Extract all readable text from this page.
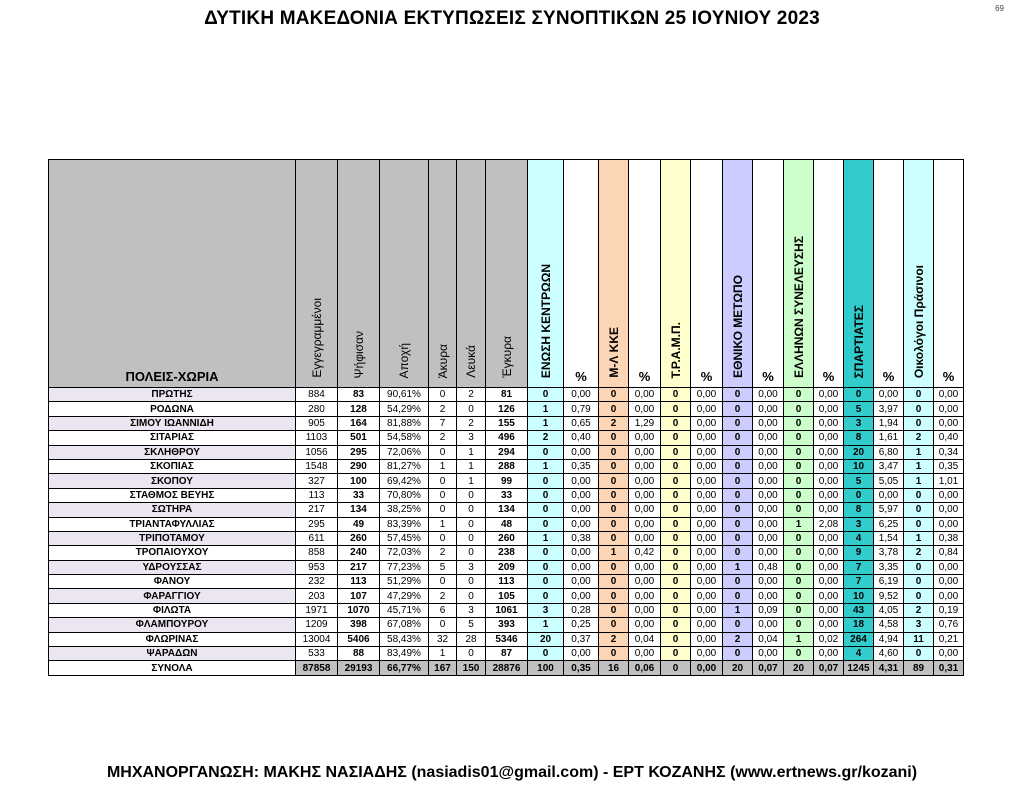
69
ΔΥΤΙΚΗ ΜΑΚΕΔΟΝΙΑ ΕΚΤΥΠΩΣΕΙΣ ΣΥΝΟΠΤΙΚΩΝ 25 ΙΟΥΝΙΟΥ 2023
ΠΟΛΕΙΣ-ΧΩΡΙΑ	Εγγεγραμμένοι	Ψήφισαν	Αποχή	Άκυρα	Λευκά	Έγκυρα	ΕΝΩΣΗ ΚΕΝΤΡΩΩΝ	%	Μ-Λ ΚΚΕ	%	Τ.Ρ.Α.Μ.Π.	%	ΕΘΝΙΚΟ ΜΕΤΩΠΟ	%	ΕΛΛΗΝΩΝ ΣΥΝΕΛΕΥΣΗΣ	%	ΣΠΑΡΤΙΑΤΕΣ	%	Οικολόγοι Πράσινοι	%

ΠΡΩΤΗΣ	884	83	90,61%	0	2	81	0	0,00	0	0,00	0	0,00	0	0,00	0	0,00	0	0,00	0	0,00
ΡΟΔΩΝΑ	280	128	54,29%	2	0	126	1	0,79	0	0,00	0	0,00	0	0,00	0	0,00	5	3,97	0	0,00
ΣΙΜΟΥ ΙΩΑΝΝΙΔΗ	905	164	81,88%	7	2	155	1	0,65	2	1,29	0	0,00	0	0,00	0	0,00	3	1,94	0	0,00
ΣΙΤΑΡΙΑΣ	1103	501	54,58%	2	3	496	2	0,40	0	0,00	0	0,00	0	0,00	0	0,00	8	1,61	2	0,40
ΣΚΛΗΘΡΟΥ	1056	295	72,06%	0	1	294	0	0,00	0	0,00	0	0,00	0	0,00	0	0,00	20	6,80	1	0,34
ΣΚΟΠΙΑΣ	1548	290	81,27%	1	1	288	1	0,35	0	0,00	0	0,00	0	0,00	0	0,00	10	3,47	1	0,35
ΣΚΟΠΟΥ	327	100	69,42%	0	1	99	0	0,00	0	0,00	0	0,00	0	0,00	0	0,00	5	5,05	1	1,01
ΣΤΑΘΜΟΣ ΒΕΥΗΣ	113	33	70,80%	0	0	33	0	0,00	0	0,00	0	0,00	0	0,00	0	0,00	0	0,00	0	0,00
ΣΩΤΗΡΑ	217	134	38,25%	0	0	134	0	0,00	0	0,00	0	0,00	0	0,00	0	0,00	8	5,97	0	0,00
ΤΡΙΑΝΤΑΦΥΛΛΙΑΣ	295	49	83,39%	1	0	48	0	0,00	0	0,00	0	0,00	0	0,00	1	2,08	3	6,25	0	0,00
ΤΡΙΠΟΤΑΜΟΥ	611	260	57,45%	0	0	260	1	0,38	0	0,00	0	0,00	0	0,00	0	0,00	4	1,54	1	0,38
ΤΡΟΠΑΙΟΥΧΟΥ	858	240	72,03%	2	0	238	0	0,00	1	0,42	0	0,00	0	0,00	0	0,00	9	3,78	2	0,84
ΥΔΡΟΥΣΣΑΣ	953	217	77,23%	5	3	209	0	0,00	0	0,00	0	0,00	1	0,48	0	0,00	7	3,35	0	0,00
ΦΑΝΟΥ	232	113	51,29%	0	0	113	0	0,00	0	0,00	0	0,00	0	0,00	0	0,00	7	6,19	0	0,00
ΦΑΡΑΓΓΙΟΥ	203	107	47,29%	2	0	105	0	0,00	0	0,00	0	0,00	0	0,00	0	0,00	10	9,52	0	0,00
ΦΙΛΩΤΑ	1971	1070	45,71%	6	3	1061	3	0,28	0	0,00	0	0,00	1	0,09	0	0,00	43	4,05	2	0,19
ΦΛΑΜΠΟΥΡΟΥ	1209	398	67,08%	0	5	393	1	0,25	0	0,00	0	0,00	0	0,00	0	0,00	18	4,58	3	0,76
ΦΛΩΡΙΝΑΣ	13004	5406	58,43%	32	28	5346	20	0,37	2	0,04	0	0,00	2	0,04	1	0,02	264	4,94	11	0,21
ΨΑΡΑΔΩΝ	533	88	83,49%	1	0	87	0	0,00	0	0,00	0	0,00	0	0,00	0	0,00	4	4,60	0	0,00
ΣΥΝΟΛΑ	87858	29193	66,77%	167	150	28876	100	0,35	16	0,06	0	0,00	20	0,07	20	0,07	1245	4,31	89	0,31
ΜΗΧΑΝΟΡΓΑΝΩΣΗ: ΜΑΚΗΣ ΝΑΣΙΑΔΗΣ (nasiadis01@gmail.com) - ΕΡΤ ΚΟΖΑΝΗΣ (www.ertnews.gr/kozani)
